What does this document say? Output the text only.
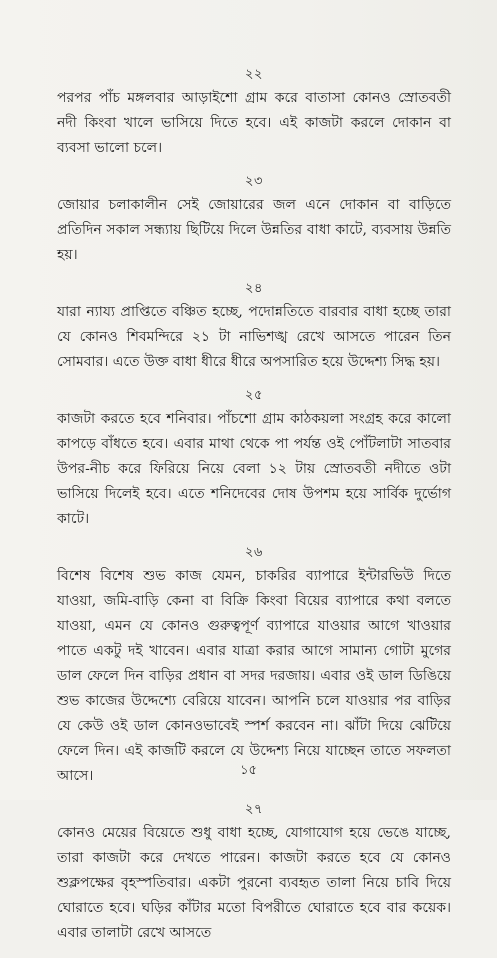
২২

পরপর পাঁচ মঙ্গলবার আড়াইশো গ্রাম করে বাতাসা কোনও স্রোতবতী নদী কিংবা খালে ভাসিয়ে দিতে হবে। এই কাজটা করলে দোকান বা ব্যবসা ভালো চলে।

২৩

জোয়ার চলাকালীন সেই জোয়ারের জল এনে দোকান বা বাড়িতে প্রতিদিন সকাল সন্ধ্যায় ছিটিয়ে দিলে উন্নতির বাধা কাটে, ব্যবসায় উন্নতি হয়।

২৪

যারা ন্যায্য প্রাপ্তিতে বঞ্চিত হচ্ছে, পদোন্নতিতে বারবার বাধা হচ্ছে তারা যে কোনও শিবমন্দিরে ২১ টা নাভিশঙ্খ রেখে আসতে পারেন তিন সোমবার। এতে উক্ত বাধা ধীরে ধীরে অপসারিত হয়ে উদ্দেশ্য সিদ্ধ হয়।

২৫

কাজটা করতে হবে শনিবার। পাঁচশো গ্রাম কাঠকয়লা সংগ্রহ করে কালো কাপড়ে বাঁধতে হবে। এবার মাথা থেকে পা পর্যন্ত ওই পোঁটলাটা সাতবার উপর-নীচ করে ফিরিয়ে নিয়ে বেলা ১২ টায় স্রোতবতী নদীতে ওটা ভাসিয়ে দিলেই হবে। এতে শনিদেবের দোষ উপশম হয়ে সার্বিক দুর্ভোগ কাটে।

২৬

বিশেষ বিশেষ শুভ কাজ যেমন, চাকরির ব্যাপারে ইন্টারভিউ দিতে যাওয়া, জমি-বাড়ি কেনা বা বিক্রি কিংবা বিয়ের ব্যাপারে কথা বলতে যাওয়া, এমন যে কোনও গুরুত্বপূর্ণ ব্যাপারে যাওয়ার আগে খাওয়ার পাতে একটু দই খাবেন। এবার যাত্রা করার আগে সামান্য গোটা মুগের ডাল ফেলে দিন বাড়ির প্রধান বা সদর দরজায়। এবার ওই ডাল ডিঙিয়ে শুভ কাজের উদ্দেশ্যে বেরিয়ে যাবেন। আপনি চলে যাওয়ার পর বাড়ির যে কেউ ওই ডাল কোনওভাবেই স্পর্শ করবেন না। ঝাঁটা দিয়ে ঝেটিয়ে ফেলে দিন। এই কাজটি করলে যে উদ্দেশ্য নিয়ে যাচ্ছেন তাতে সফলতা আসে।

২৭

কোনও মেয়ের বিয়েতে শুধু বাধা হচ্ছে, যোগাযোগ হয়ে ভেঙে যাচ্ছে, তারা কাজটা করে দেখতে পারেন। কাজটা করতে হবে যে কোনও শুক্লপক্ষের বৃহস্পতিবার। একটা পুরনো ব্যবহৃত তালা নিয়ে চাবি দিয়ে ঘোরাতে হবে। ঘড়ির কাঁটার মতো বিপরীতে ঘোরাতে হবে বার কয়েক। এবার তালাটা রেখে আসতে

১৫
